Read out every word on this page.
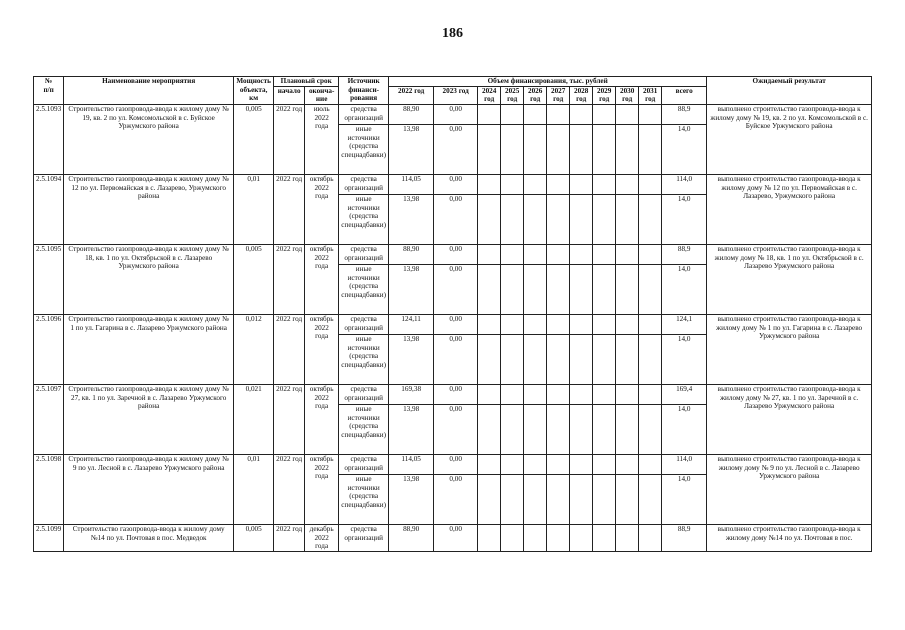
186
№
п/п	Наименование мероприятия	Мощность объекта, км	Плановый срок		Источник финанси-рования	Объем финансирования, тыс. рублей											Ожидаемый результат
			начало	оконча-ние		2022 год	2023 год	2024 год	2025 год	2026 год	2027 год	2028 год	2029 год	2030 год	2031 год	всего	

2.5.1093	Строительство газопровода-ввода к жилому дому № 19, кв. 2 по ул. Комсомольской в с. Буйское Уржумского района	0,005	2022 год	июль 2022 года	средства организаций	88,90	0,00									88,9	выполнено строительство газопровода-ввода к жилому дому № 19, кв. 2 по ул. Комсомольской в с. Буйское Уржумского района
					иные источники (средства спецнадбавки)	13,98	0,00									14,0	
2.5.1094	Строительство газопровода-ввода к жилому дому № 12 по ул. Первомайская в с. Лазарево, Уржумского района	0,01	2022 год	октябрь 2022 года	средства организаций	114,05	0,00									114,0	выполнено строительство газопровода-ввода к жилому дому № 12 по ул. Первомайская в с. Лазарево, Уржумского района
					иные источники (средства спецнадбавки)	13,98	0,00									14,0	
2.5.1095	Строительство газопровода-ввода к жилому дому № 18, кв. 1 по ул. Октябрьской в с. Лазарево Уржумского района	0,005	2022 год	октябрь 2022 года	средства организаций	88,90	0,00									88,9	выполнено строительство газопровода-ввода к жилому дому № 18, кв. 1 по ул. Октябрьской в с. Лазарево Уржумского района
					иные источники (средства спецнадбавки)	13,98	0,00									14,0	
2.5.1096	Строительство газопровода-ввода к жилому дому № 1 по ул. Гагарина в с. Лазарево Уржумского района	0,012	2022 год	октябрь 2022 года	средства организаций	124,11	0,00									124,1	выполнено строительство газопровода-ввода к жилому дому № 1 по ул. Гагарина в с. Лазарево Уржумского района
					иные источники (средства спецнадбавки)	13,98	0,00									14,0	
2.5.1097	Строительство газопровода-ввода к жилому дому № 27, кв. 1 по ул. Заречной в с. Лазарево Уржумского района	0,021	2022 год	октябрь 2022 года	средства организаций	169,38	0,00									169,4	выполнено строительство газопровода-ввода к жилому дому № 27, кв. 1 по ул. Заречной в с. Лазарево Уржумского района
					иные источники (средства спецнадбавки)	13,98	0,00									14,0	
2.5.1098	Строительство газопровода-ввода к жилому дому № 9 по ул. Лесной в с. Лазарево Уржумского района	0,01	2022 год	октябрь 2022 года	средства организаций	114,05	0,00									114,0	выполнено строительство газопровода-ввода к жилому дому № 9 по ул. Лесной в с. Лазарево Уржумского района
					иные источники (средства спецнадбавки)	13,98	0,00									14,0	
2.5.1099	Строительство газопровода-ввода к жилому дому №14 по ул. Почтовая в пос. Медведок	0,005	2022 год	декабрь 2022 года	средства организаций	88,90	0,00									88,9	выполнено строительство газопровода-ввода к жилому дому №14 по ул. Почтовая в пос.
